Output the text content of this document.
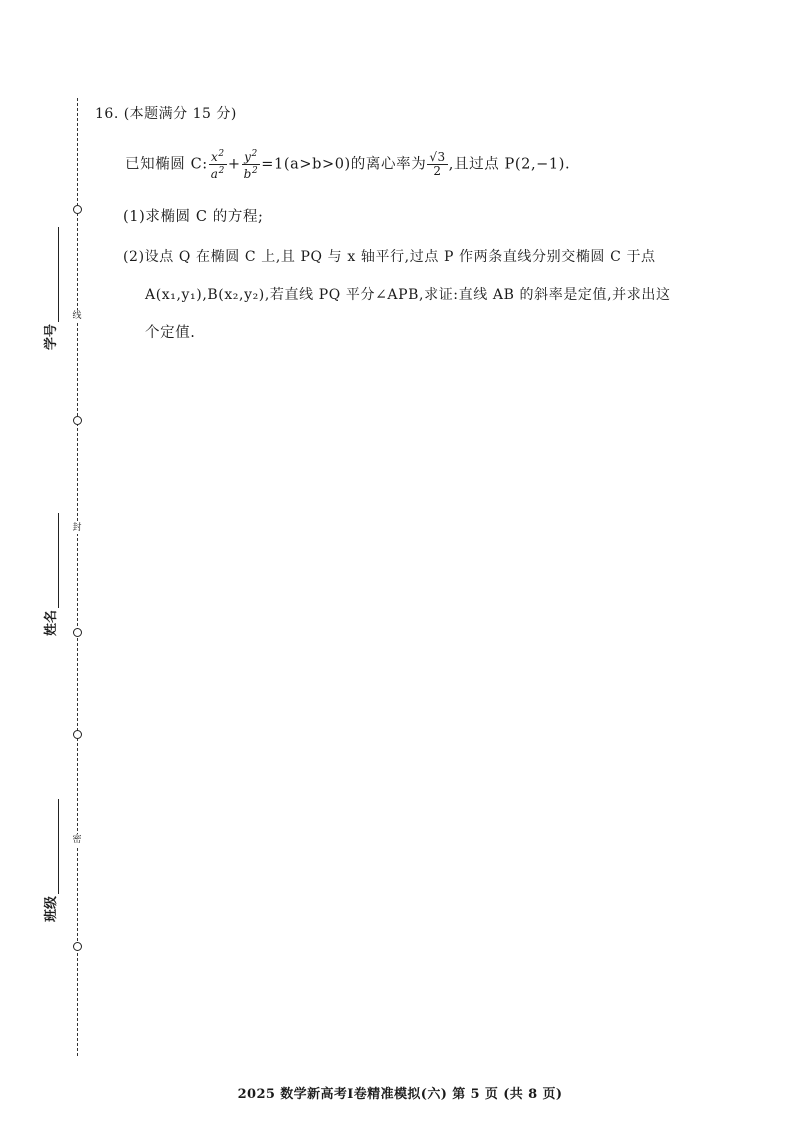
线
封
密
学号
姓名
班级
16. (本题满分 15 分)
已知椭圆 C: $\frac{x^2}{a^2} + \frac{y^2}{b^2} =1(a>b>0)$的离心率为 $\frac{√3}{2}$ ,且过点 P(2,−1).
(1)求椭圆 C 的方程;
(2)设点 Q 在椭圆 C 上,且 PQ 与 x 轴平行,过点 P 作两条直线分别交椭圆 C 于点
A(x₁,y₁),B(x₂,y₂),若直线 PQ 平分∠APB,求证:直线 AB 的斜率是定值,并求出这
个定值.
2025 数学新高考Ⅰ卷精准模拟(六) 第 5 页 (共 8 页)
